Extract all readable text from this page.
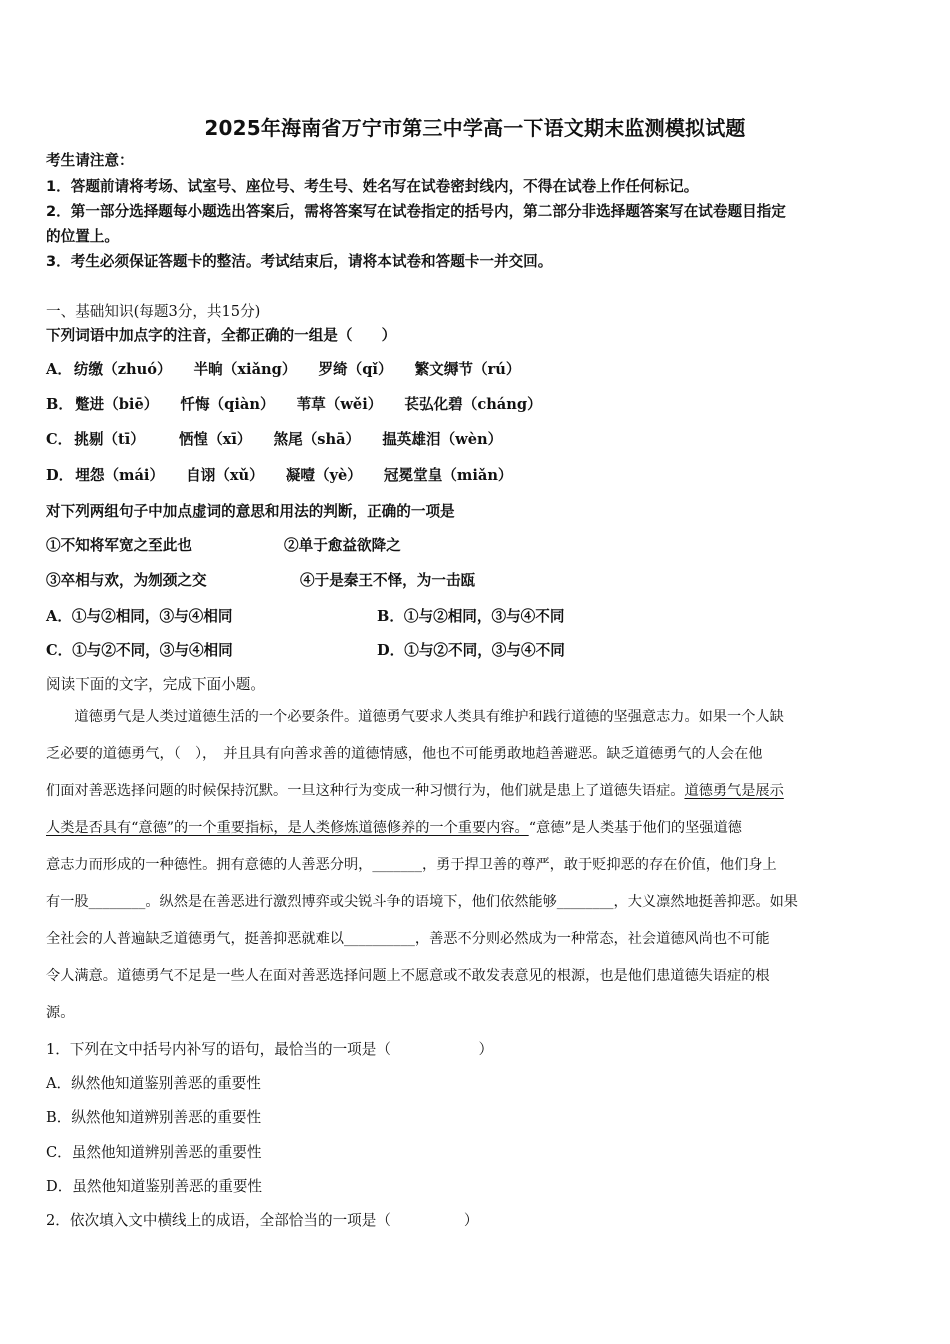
2025年海南省万宁市第三中学高一下语文期末监测模拟试题
考生请注意：
1．答题前请将考场、试室号、座位号、考生号、姓名写在试卷密封线内，不得在试卷上作任何标记。
2．第一部分选择题每小题选出答案后，需将答案写在试卷指定的括号内，第二部分非选择题答案写在试卷题目指定
的位置上。
3．考生必须保证答题卡的整洁。考试结束后，请将本试卷和答题卡一并交回。
一、基础知识(每题3分，共15分)
下列词语中加点字的注音，全都正确的一组是（　　）
A． 纺缴（zhuó） 半晌（xiǎng） 罗绮（qǐ） 繁文缛节（rú）
B． 蹩进（biē） 忏悔（qiàn） 苇草（wěi） 苌弘化碧（cháng）
C． 挑剔（tī） 恓惶（xī） 煞尾（shā） 揾英雄泪（wèn）
D． 埋怨（mái） 自诩（xǔ） 凝噎（yè） 冠冕堂皇（miǎn）
对下列两组句子中加点虚词的意思和用法的判断，正确的一项是
①不知将军宽之至此也	②单于愈益欲降之
③卒相与欢，为刎颈之交	④于是秦王不怿，为一击瓯
A．①与②相同，③与④相同	B．①与②相同，③与④不同
C．①与②不同，③与④相同	D．①与②不同，③与④不同
阅读下面的文字，完成下面小题。
　　道德勇气是人类过道德生活的一个必要条件。道德勇气要求人类具有维护和践行道德的坚强意志力。如果一个人缺
乏必要的道德勇气，（　），　并且具有向善求善的道德情感，他也不可能勇敢地趋善避恶。缺乏道德勇气的人会在他
们面对善恶选择问题的时候保持沉默。一旦这种行为变成一种习惯行为，他们就是患上了道德失语症。道德勇气是展示
人类是否具有“意德”的一个重要指标，是人类修炼道德修养的一个重要内容。“意德”是人类基于他们的坚强道德
意志力而形成的一种德性。拥有意德的人善恶分明，_______，勇于捍卫善的尊严，敢于贬抑恶的存在价值，他们身上
有一股________。纵然是在善恶进行激烈博弈或尖锐斗争的语境下，他们依然能够________，大义凛然地挺善抑恶。如果
全社会的人普遍缺乏道德勇气，挺善抑恶就难以__________，善恶不分则必然成为一种常态，社会道德风尚也不可能
令人满意。道德勇气不足是一些人在面对善恶选择问题上不愿意或不敢发表意见的根源，也是他们患道德失语症的根
源。
1．下列在文中括号内补写的语句，最恰当的一项是（　　　　　　）
A．纵然他知道鉴别善恶的重要性
B．纵然他知道辨别善恶的重要性
C．虽然他知道辨别善恶的重要性
D．虽然他知道鉴别善恶的重要性
2．依次填入文中横线上的成语，全部恰当的一项是（　　　　　）
